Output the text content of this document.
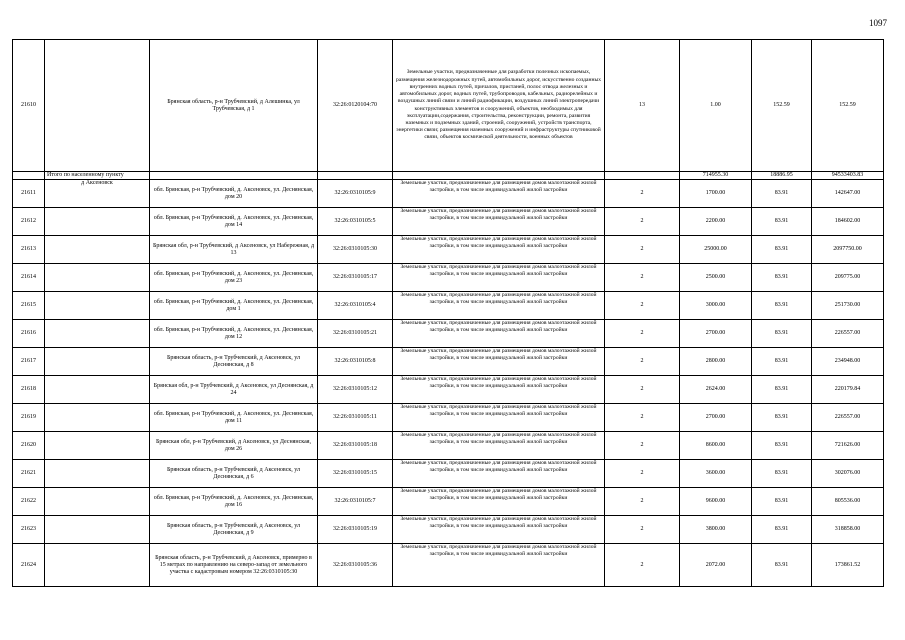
1097
21610		Брянская область, р-н Трубчевский, д Алешинка, ул Трубчевская, д 1	32:26:0120104:70	Земельные участки, предназначенные для разработки полезных ископаемых, размещения железнодорожных путей, автомобильных дорог, искусственно созданных внутренних водных путей, причалов, пристаней, полос отвода железных и автомобильных дорог, водных путей, трубопроводов, кабельных, радиорелейных и воздушных линий связи и линий радиофикации, воздушных линий электропередачи конструктивных элементов и сооружений, объектов, необходимых для эксплуатации,содержания, строительства, реконструкции, ремонта, развития наземных и подземных зданий, строений, сооружений, устройств транспорта, энергетики связи; размещения наземных сооружений и инфраструктуры спутниковой связи, объектов космической деятельности, военных объектов	13	1.00	152.59	152.59
	Итого по населенному пункту					714955.30	18886.95	94533403.83
21611	д Аксеновск	обл. Брянская, р-н Трубчевский, д. Аксеновск, ул. Деснянская, дом 20	32:26:0310105:9	Земельные участки, предназначенные для размещения домов малоэтажной жилой застройки, в том числе индивидуальной жилой застройки	2	1700.00	83.91	142647.00
21612		обл. Брянская, р-н Трубчевский, д. Аксеновск, ул. Деснянская, дом 14	32:26:0310105:5	Земельные участки, предназначенные для размещения домов малоэтажной жилой застройки, в том числе индивидуальной жилой застройки	2	2200.00	83.91	184602.00
21613		Брянская обл, р-н Трубчевский, д Аксеновск, ул Набережная, д 13	32:26:0310105:30	Земельные участки, предназначенные для размещения домов малоэтажной жилой застройки, в том числе индивидуальной жилой застройки	2	25000.00	83.91	2097750.00
21614		обл. Брянская, р-н Трубчевский, д. Аксеновск, ул. Деснянская, дом 23	32:26:0310105:17	Земельные участки, предназначенные для размещения домов малоэтажной жилой застройки, в том числе индивидуальной жилой застройки	2	2500.00	83.91	209775.00
21615		обл. Брянская, р-н Трубчевский, д. Аксеновск, ул. Деснянская, дом 1	32:26:0310105:4	Земельные участки, предназначенные для размещения домов малоэтажной жилой застройки, в том числе индивидуальной жилой застройки	2	3000.00	83.91	251730.00
21616		обл. Брянская, р-н Трубчевский, д. Аксеновск, ул. Деснянская, дом 12	32:26:0310105:21	Земельные участки, предназначенные для размещения домов малоэтажной жилой застройки, в том числе индивидуальной жилой застройки	2	2700.00	83.91	226557.00
21617		Брянская область, р-н Трубчевский, д Аксеновск, ул Деснянская, д 8	32:26:0310105:8	Земельные участки, предназначенные для размещения домов малоэтажной жилой застройки, в том числе индивидуальной жилой застройки	2	2800.00	83.91	234948.00
21618		Брянская обл, р-н Трубчевский, д Аксеновск, ул Деснянская, д 24	32:26:0310105:12	Земельные участки, предназначенные для размещения домов малоэтажной жилой застройки, в том числе индивидуальной жилой застройки	2	2624.00	83.91	220179.84
21619		обл. Брянская, р-н Трубчевский, д. Аксеновск, ул. Деснянская, дом 11	32:26:0310105:11	Земельные участки, предназначенные для размещения домов малоэтажной жилой застройки, в том числе индивидуальной жилой застройки	2	2700.00	83.91	226557.00
21620		Брянская обл, р-н Трубчевский, д Аксеновск, ул Деснянская, дом 26	32:26:0310105:18	Земельные участки, предназначенные для размещения домов малоэтажной жилой застройки, в том числе индивидуальной жилой застройки	2	8600.00	83.91	721626.00
21621		Брянская область, р-н Трубчевский, д Аксеновск, ул Деснянская, д 6	32:26:0310105:15	Земельные участки, предназначенные для размещения домов малоэтажной жилой застройки, в том числе индивидуальной жилой застройки	2	3600.00	83.91	302076.00
21622		обл. Брянская, р-н Трубчевский, д. Аксеновск, ул. Деснянская, дом 16	32:26:0310105:7	Земельные участки, предназначенные для размещения домов малоэтажной жилой застройки, в том числе индивидуальной жилой застройки	2	9600.00	83.91	805536.00
21623		Брянская область, р-н Трубчевский, д Аксеновск, ул Деснянская, д 9	32:26:0310105:19	Земельные участки, предназначенные для размещения домов малоэтажной жилой застройки, в том числе индивидуальной жилой застройки	2	3800.00	83.91	318858.00
21624		Брянская область, р-н Трубчевский, д Аксеновск, примерно в 15 метрах по направлению на северо-запад от земельного участка с кадастровым номером 32:26:0310105:30	32:26:0310105:36	Земельные участки, предназначенные для размещения домов малоэтажной жилой застройки, в том числе индивидуальной жилой застройки	2	2072.00	83.91	173861.52
